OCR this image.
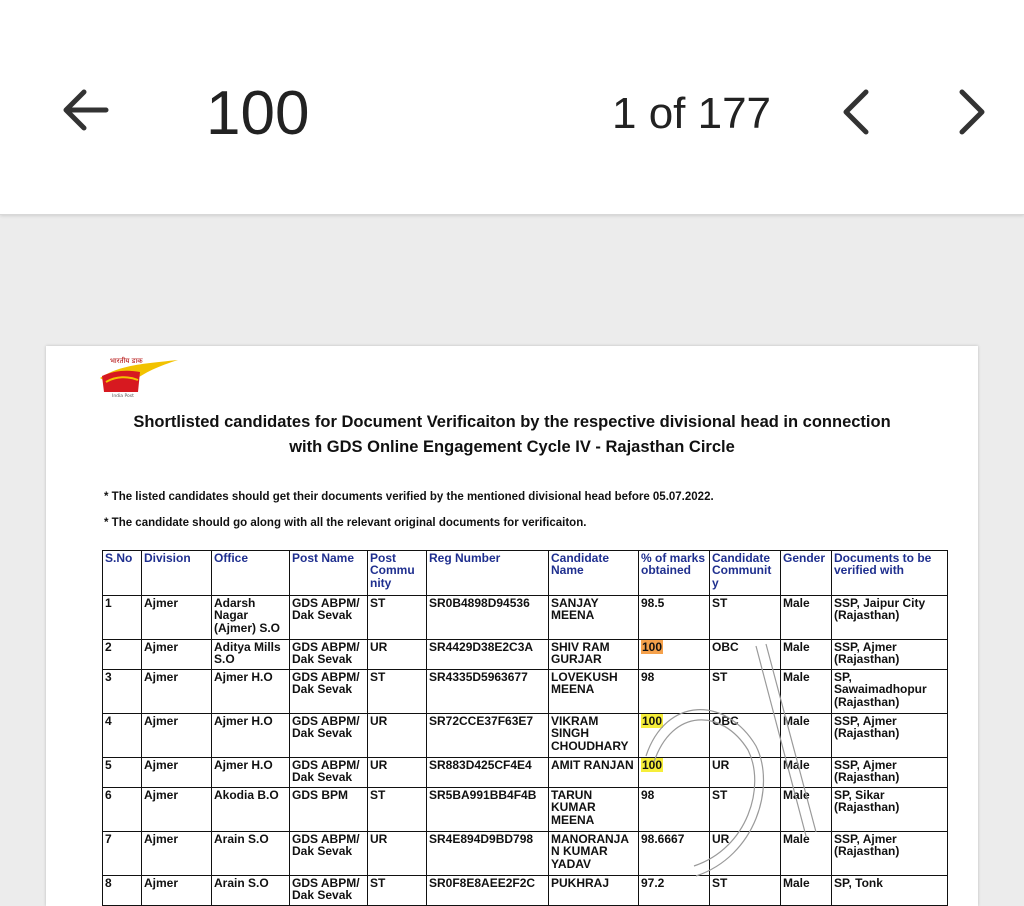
100	1 of 177
भारतीय डाक
India Post
Shortlisted candidates for Document Verificaiton by the respective divisional head in connection
with GDS Online Engagement Cycle IV - Rajasthan Circle
* The listed candidates should get their documents verified by the mentioned divisional head before 05.07.2022.
* The candidate should go along with all the relevant original documents for verificaiton.
S.No	Division	Office	Post Name	Post Commu nity	Reg Number	Candidate Name	% of marks obtained	Candidate Communit y	Gender	Documents to be verified with
1	Ajmer	Adarsh Nagar (Ajmer) S.O	GDS ABPM/ Dak Sevak	ST	SR0B4898D94536	SANJAY MEENA	98.5	ST	Male	SSP, Jaipur City (Rajasthan)
2	Ajmer	Aditya Mills S.O	GDS ABPM/ Dak Sevak	UR	SR4429D38E2C3A	SHIV RAM GURJAR	100	OBC	Male	SSP, Ajmer (Rajasthan)
3	Ajmer	Ajmer H.O	GDS ABPM/ Dak Sevak	ST	SR4335D5963677	LOVEKUSH MEENA	98	ST	Male	SP, Sawaimadhopur (Rajasthan)
4	Ajmer	Ajmer H.O	GDS ABPM/ Dak Sevak	UR	SR72CCE37F63E7	VIKRAM SINGH CHOUDHARY	100	OBC	Male	SSP, Ajmer (Rajasthan)
5	Ajmer	Ajmer H.O	GDS ABPM/ Dak Sevak	UR	SR883D425CF4E4	AMIT RANJAN	100	UR	Male	SSP, Ajmer (Rajasthan)
6	Ajmer	Akodia B.O	GDS BPM	ST	SR5BA991BB4F4B	TARUN KUMAR MEENA	98	ST	Male	SP, Sikar (Rajasthan)
7	Ajmer	Arain S.O	GDS ABPM/ Dak Sevak	UR	SR4E894D9BD798	MANORANJA N KUMAR YADAV	98.6667	UR	Male	SSP, Ajmer (Rajasthan)
8	Ajmer	Arain S.O	GDS ABPM/ Dak Sevak	ST	SR0F8E8AEE2F2C	PUKHRAJ	97.2	ST	Male	SP, Tonk
